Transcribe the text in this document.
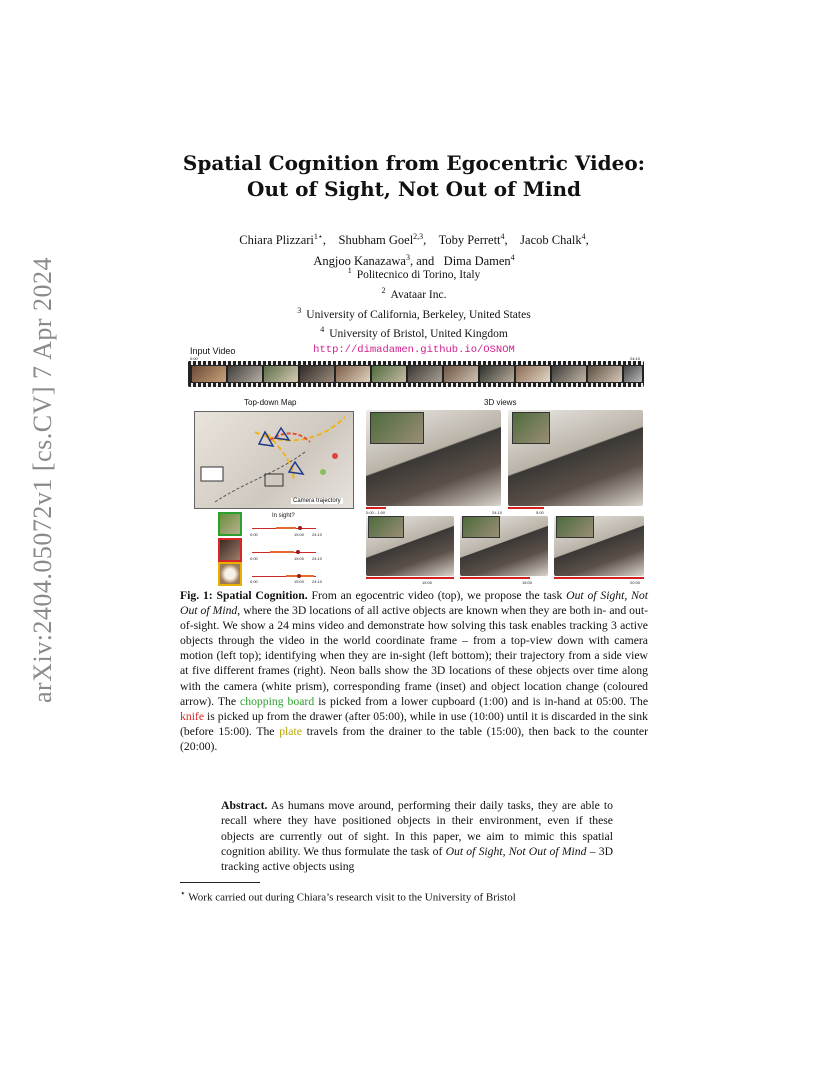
arXiv:2404.05072v1 [cs.CV] 7 Apr 2024
Spatial Cognition from Egocentric Video:
Out of Sight, Not Out of Mind
Chiara Plizzari$^{1⋆}$,    Shubham Goel$^{2,3}$,    Toby Perrett$^4$,    Jacob Chalk$^4$,
Angjoo Kanazawa$^3$, and Dima Damen$^4$
$^1$ Politecnico di Torino, Italy
$^2$ Avataar Inc.
$^3$ University of California, Berkeley, United States
$^4$ University of Bristol, United Kingdom
http://dimadamen.github.io/OSNOM
Input Video
0:00	24:10
Top-down Map	3D views
Camera trajectory
In sight?
0:00	15:00 24:10
0:00	15:00 24:10
0:00	15:00 24:10
0:00 - 1:00	24:10	5:00
15:00	15:00	20:00
Fig. 1: Spatial Cognition. From an egocentric video (top), we propose the task Out of Sight, Not Out of Mind, where the 3D locations of all active objects are known when they are both in- and out-of-sight. We show a 24 mins video and demonstrate how solving this task enables tracking 3 active objects through the video in the world coordinate frame – from a top-view down with camera motion (left top); identifying when they are in-sight (left bottom); their trajectory from a side view at five different frames (right). Neon balls show the 3D locations of these objects over time along with the camera (white prism), corresponding frame (inset) and object location change (coloured arrow). The chopping board is picked from a lower cupboard (1:00) and is in-hand at 05:00. The knife is picked up from the drawer (after 05:00), while in use (10:00) until it is discarded in the sink (before 15:00). The plate travels from the drainer to the table (15:00), then back to the counter (20:00).
Abstract. As humans move around, performing their daily tasks, they are able to recall where they have positioned objects in their environment, even if these objects are currently out of sight. In this paper, we aim to mimic this spatial cognition ability. We thus formulate the task of Out of Sight, Not Out of Mind – 3D tracking active objects using
⋆ Work carried out during Chiara’s research visit to the University of Bristol
